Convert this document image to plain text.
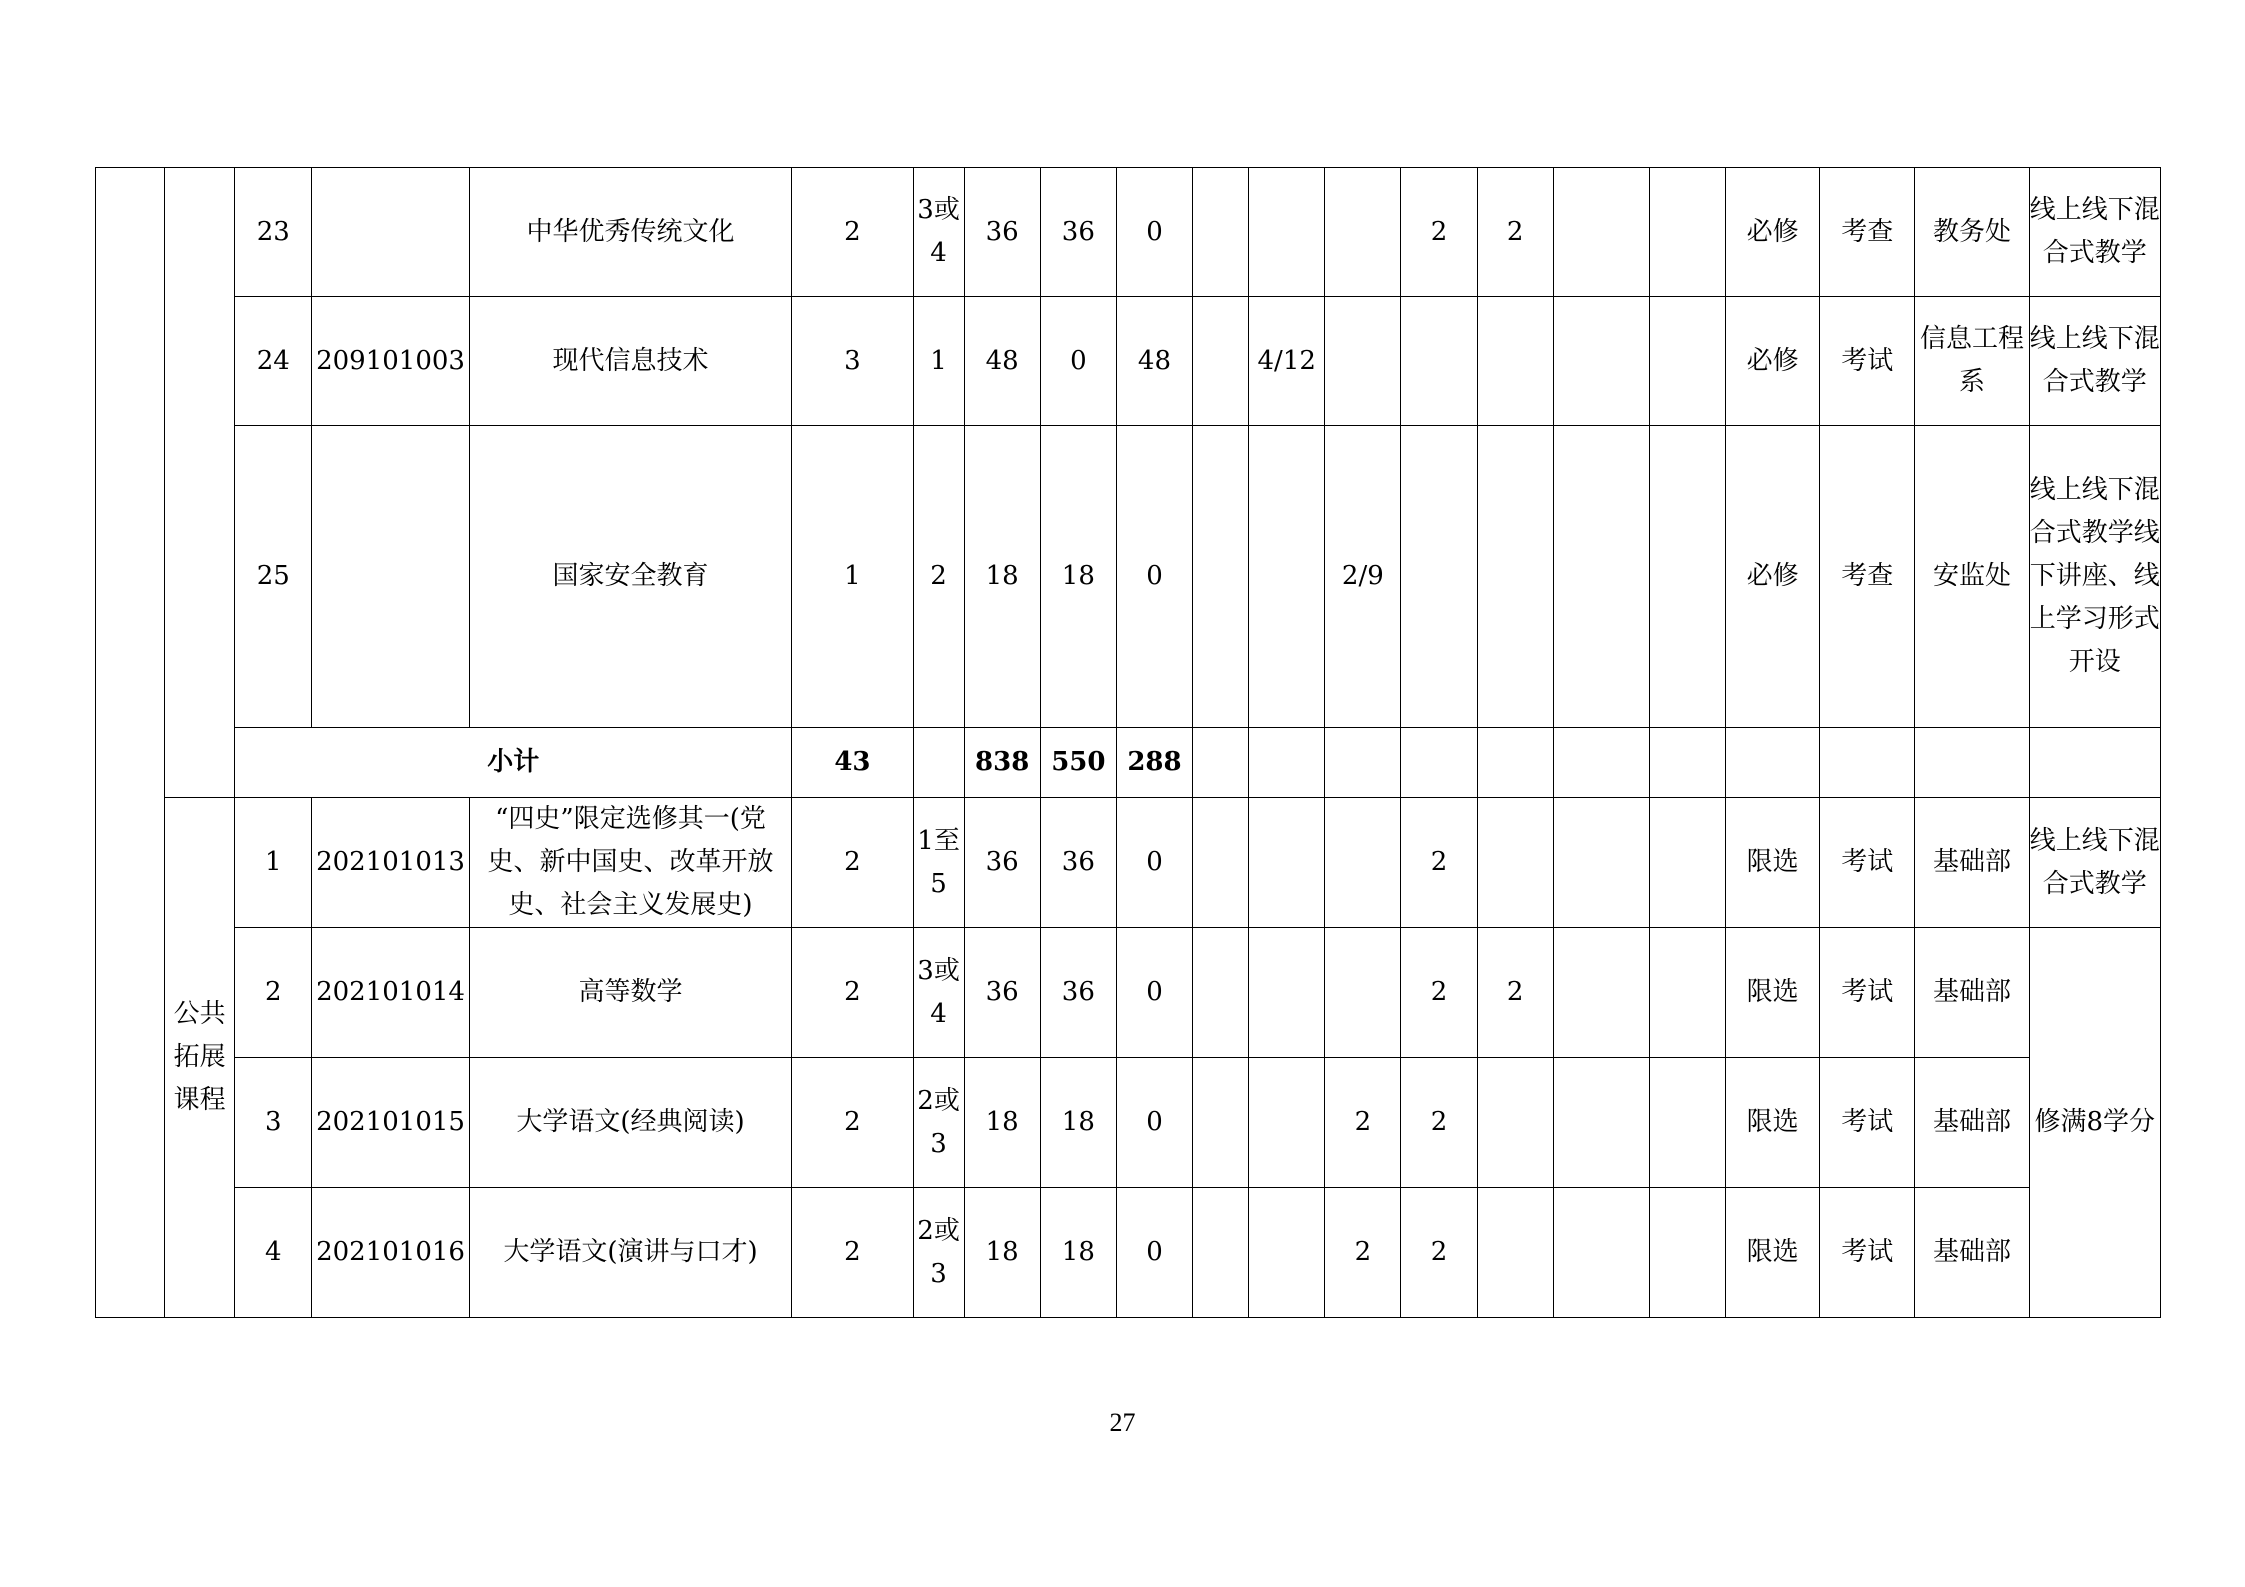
		23		中华优秀传统文化	2	3或4	36	36	0				2	2			必修	考查	教务处	线上线下混合式教学
		24	209101003	现代信息技术	3	1	48	0	48		4/12						必修	考试	信息工程系	线上线下混合式教学
		25		国家安全教育	1	2	18	18	0			2/9					必修	考查	安监处	线上线下混合式教学线下讲座、线上学习形式开设
		小计			43		838	550	288											
	公共拓展课程	1	202101013	“四史”限定选修其一(党史、新中国史、改革开放史、社会主义发展史)	2	1至5	36	36	0				2				限选	考试	基础部	线上线下混合式教学
		2	202101014	高等数学	2	3或4	36	36	0				2	2			限选	考试	基础部	修满8学分
		3	202101015	大学语文(经典阅读)	2	2或3	18	18	0			2	2				限选	考试	基础部	
		4	202101016	大学语文(演讲与口才)	2	2或3	18	18	0			2	2				限选	考试	基础部	
27
